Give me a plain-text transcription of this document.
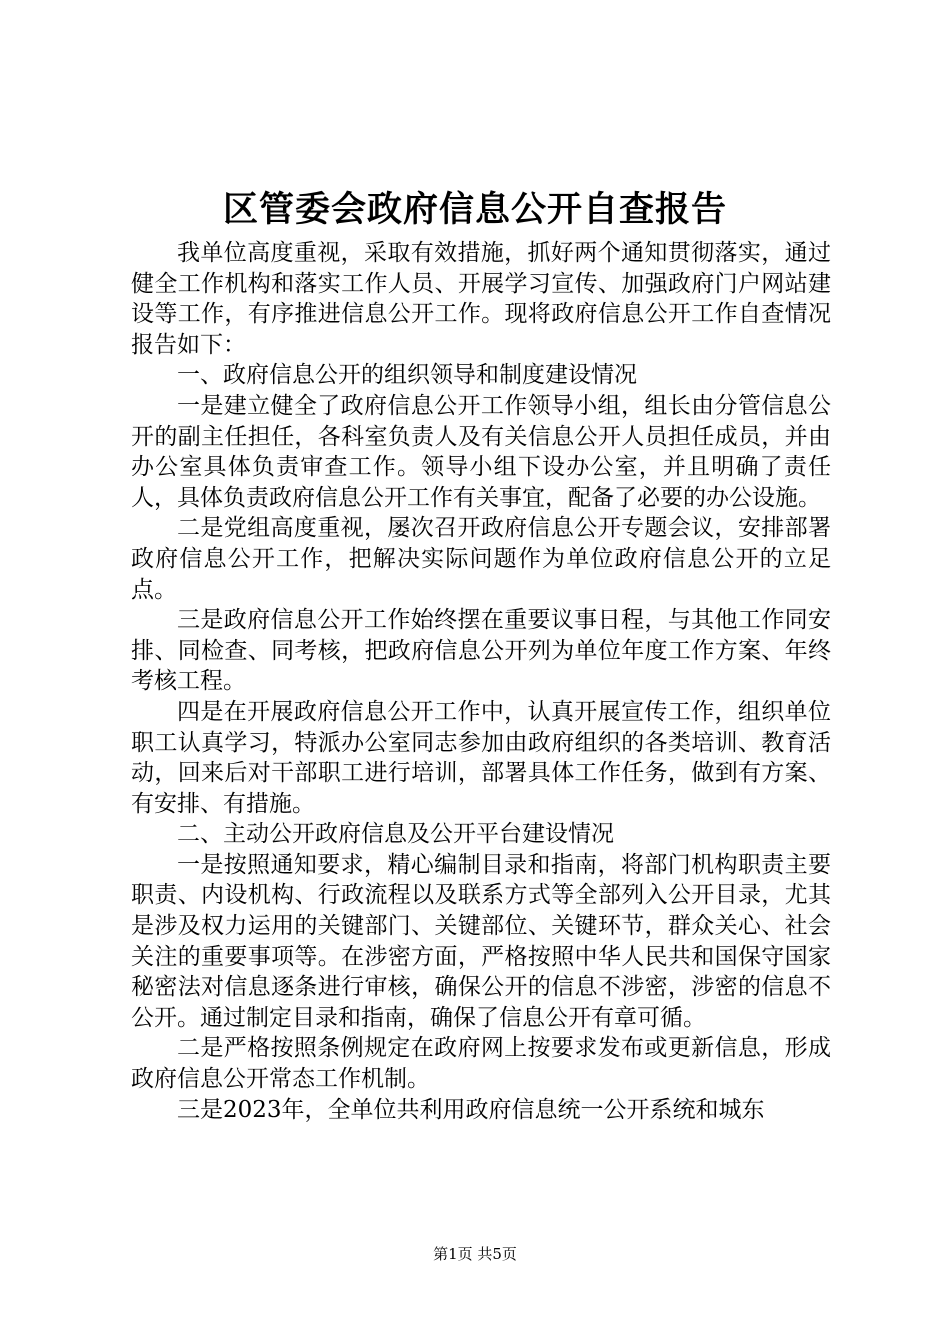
区管委会政府信息公开自查报告

我单位高度重视，采取有效措施，抓好两个通知贯彻落实，通过健全工作机构和落实工作人员、开展学习宣传、加强政府门户网站建设等工作，有序推进信息公开工作。现将政府信息公开工作自查情况报告如下：

一、政府信息公开的组织领导和制度建设情况

一是建立健全了政府信息公开工作领导小组，组长由分管信息公开的副主任担任，各科室负责人及有关信息公开人员担任成员，并由办公室具体负责审查工作。领导小组下设办公室，并且明确了责任人，具体负责政府信息公开工作有关事宜，配备了必要的办公设施。

二是党组高度重视，屡次召开政府信息公开专题会议，安排部署政府信息公开工作，把解决实际问题作为单位政府信息公开的立足点。

三是政府信息公开工作始终摆在重要议事日程，与其他工作同安排、同检查、同考核，把政府信息公开列为单位年度工作方案、年终考核工程。

四是在开展政府信息公开工作中，认真开展宣传工作，组织单位职工认真学习，特派办公室同志参加由政府组织的各类培训、教育活动，回来后对干部职工进行培训，部署具体工作任务，做到有方案、有安排、有措施。

二、主动公开政府信息及公开平台建设情况

一是按照通知要求，精心编制目录和指南，将部门机构职责主要职责、内设机构、行政流程以及联系方式等全部列入公开目录，尤其是涉及权力运用的关键部门、关键部位、关键环节，群众关心、社会关注的重要事项等。在涉密方面，严格按照中华人民共和国保守国家秘密法对信息逐条进行审核，确保公开的信息不涉密，涉密的信息不公开。通过制定目录和指南，确保了信息公开有章可循。

二是严格按照条例规定在政府网上按要求发布或更新信息，形成政府信息公开常态工作机制。

三是2023年，全单位共利用政府信息统一公开系统和城东

第1页 共5页
